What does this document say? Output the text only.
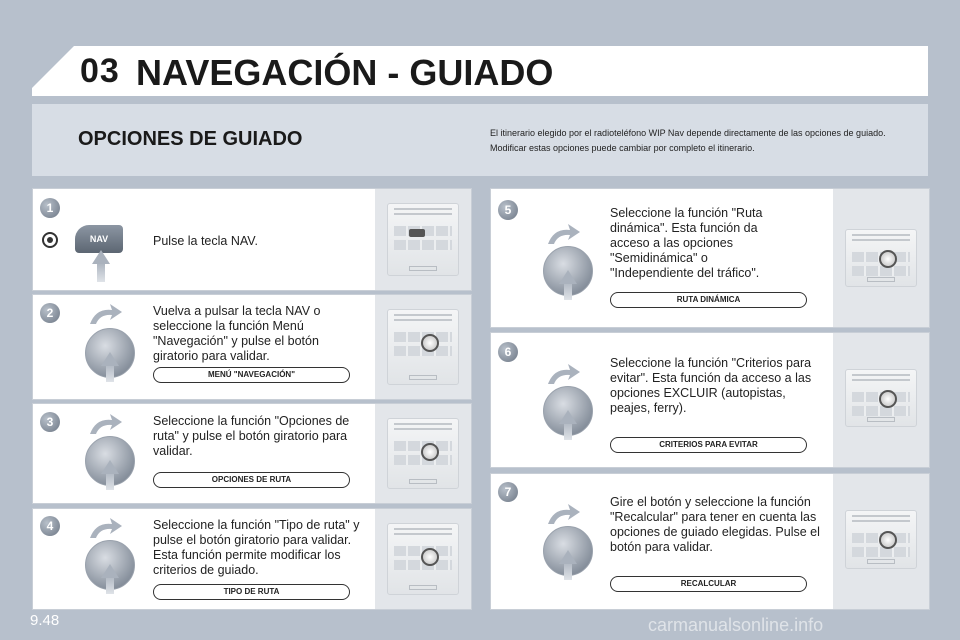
03 NAVEGACIÓN - GUIADO
OPCIONES DE GUIADO	El itinerario elegido por el radioteléfono WIP Nav depende directamente de las opciones de guiado.
Modificar estas opciones puede cambiar por completo el itinerario.
1
NAV	Pulse la tecla NAV.
2	Vuelva a pulsar la tecla NAV o seleccione la función Menú "Navegación" y pulse el botón giratorio para validar.
MENÚ "NAVEGACIÓN"
3	Seleccione la función "Opciones de ruta" y pulse el botón giratorio para validar.
OPCIONES DE RUTA
4	Seleccione la función "Tipo de ruta" y pulse el botón giratorio para validar. Esta función permite modificar los criterios de guiado.
TIPO DE RUTA
5	Seleccione la función "Ruta dinámica". Esta función da acceso a las opciones "Semidinámica" o "Independiente del tráfico".
RUTA DINÁMICA
6
Seleccione la función "Criterios para evitar". Esta función da acceso a las opciones EXCLUIR (autopistas, peajes, ferry).
CRITERIOS PARA EVITAR
7
Gire el botón y seleccione la función "Recalcular" para tener en cuenta las opciones de guiado elegidas. Pulse el botón para validar.
RECALCULAR
9.48	carmanualsonline.info
